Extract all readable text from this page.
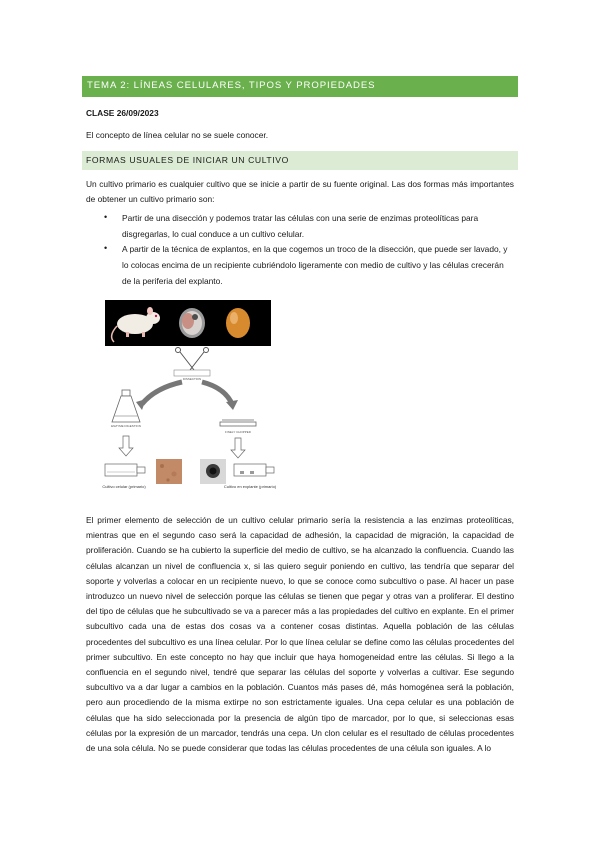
TEMA 2: LÍNEAS CELULARES, TIPOS Y PROPIEDADES
CLASE 26/09/2023
El concepto de línea celular no se suele conocer.
FORMAS USUALES DE INICIAR UN CULTIVO
Un cultivo primario es cualquier cultivo que se inicie a partir de su fuente original. Las dos formas más importantes de obtener un cultivo primario son:
• Partir de una disección y podemos tratar las células con una serie de enzimas proteolíticas para disgregarlas, lo cual conduce a un cultivo celular.
• A partir de la técnica de explantos, en la que cogemos un troco de la disección, que puede ser lavado, y lo colocas encima de un recipiente cubriéndolo ligeramente con medio de cultivo y las células crecerán de la periferia del explanto.
DISSECTION
ENZYME DIGESTION
FINELY CHOPPED
Cultivo celular (primario)	Cultivo en explante (primario)
El primer elemento de selección de un cultivo celular primario sería la resistencia a las enzimas proteolíticas, mientras que en el segundo caso será la capacidad de adhesión, la capacidad de migración, la capacidad de proliferación. Cuando se ha cubierto la superficie del medio de cultivo, se ha alcanzado la confluencia. Cuando las células alcanzan un nivel de confluencia x, si las quiero seguir poniendo en cultivo, las tendría que separar del soporte y volverlas a colocar en un recipiente nuevo, lo que se conoce como subcultivo o pase. Al hacer un pase introduzco un nuevo nivel de selección porque las células se tienen que pegar y otras van a proliferar. El destino del tipo de células que he subcultivado se va a parecer más a las propiedades del cultivo en explante. En el primer subcultivo cada una de estas dos cosas va a contener cosas distintas. Aquella población de las células procedentes del subcultivo es una línea celular. Por lo que línea celular se define como las células procedentes del primer subcultivo. En este concepto no hay que incluir que haya homogeneidad entre las células. Si llego a la confluencia en el segundo nivel, tendré que separar las células del soporte y volverlas a cultivar. Ese segundo subcultivo va a dar lugar a cambios en la población. Cuantos más pases dé, más homogénea será la población, pero aun procediendo de la misma extirpe no son estrictamente iguales. Una cepa celular es una población de células que ha sido seleccionada por la presencia de algún tipo de marcador, por lo que, si seleccionas esas células por la expresión de un marcador, tendrás una cepa. Un clon celular es el resultado de células procedentes de una sola célula. No se puede considerar que todas las células procedentes de una célula son iguales. A lo
